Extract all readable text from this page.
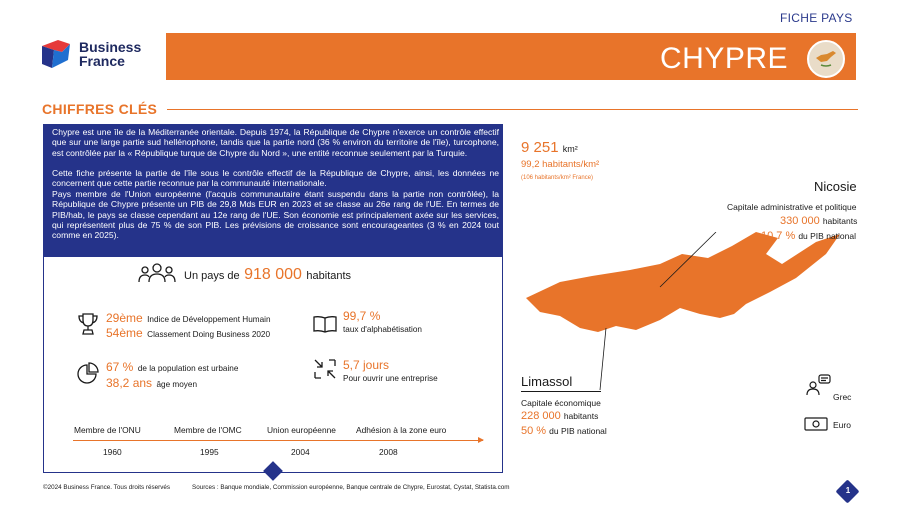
FICHE PAYS
Business
France	CHYPRE
CHIFFRES CLÉS
Chypre est une île de la Méditerranée orientale. Depuis 1974, la République de Chypre n'exerce un contrôle effectif que sur une large partie sud hellénophone, tandis que la partie nord (36 % environ du territoire de l'île), turcophone, est contrôlée par la « République turque de Chypre du Nord », une entité reconnue seulement par la Turquie.
Cette fiche présente la partie de l'île sous le contrôle effectif de la République de Chypre, ainsi, les données ne concernent que cette partie reconnue par la communauté internationale.
Pays membre de l'Union européenne (l'acquis communautaire étant suspendu dans la partie non contrôlée), la République de Chypre présente un PIB de 29,8 Mds EUR en 2023 et se classe au 26e rang de l'UE. En termes de PIB/hab, le pays se classe cependant au 12e rang de l'UE. Son économie est principalement axée sur les services, qui représentent plus de 75 % de son PIB. Les prévisions de croissance sont encourageantes (3 % en 2024 tout comme en 2025).
Un pays de 918 000 habitants
29ème Indice de Développement Humain
54ème Classement Doing Business 2020
99,7 %
taux d'alphabétisation
67 % de la population est urbaine
38,2 ans âge moyen
5,7 jours
Pour ouvrir une entreprise
Membre de l'ONU	Membre de l'OMC	Union européenne Adhésion à la zone euro
1960	1995	2004	2008
©2024 Business France. Tous droits réservés	Sources : Banque mondiale, Commission européenne, Banque centrale de Chypre, Eurostat, Cystat, Statista.com	1
9 251 km²
99,2 habitants/km²
(106 habitants/km² France)
Nicosie
Capitale administrative et politique
330 000 habitants
10,7 % du PIB national
Limassol
Capitale économique
228 000 habitants
50 % du PIB national
Grec
Euro
